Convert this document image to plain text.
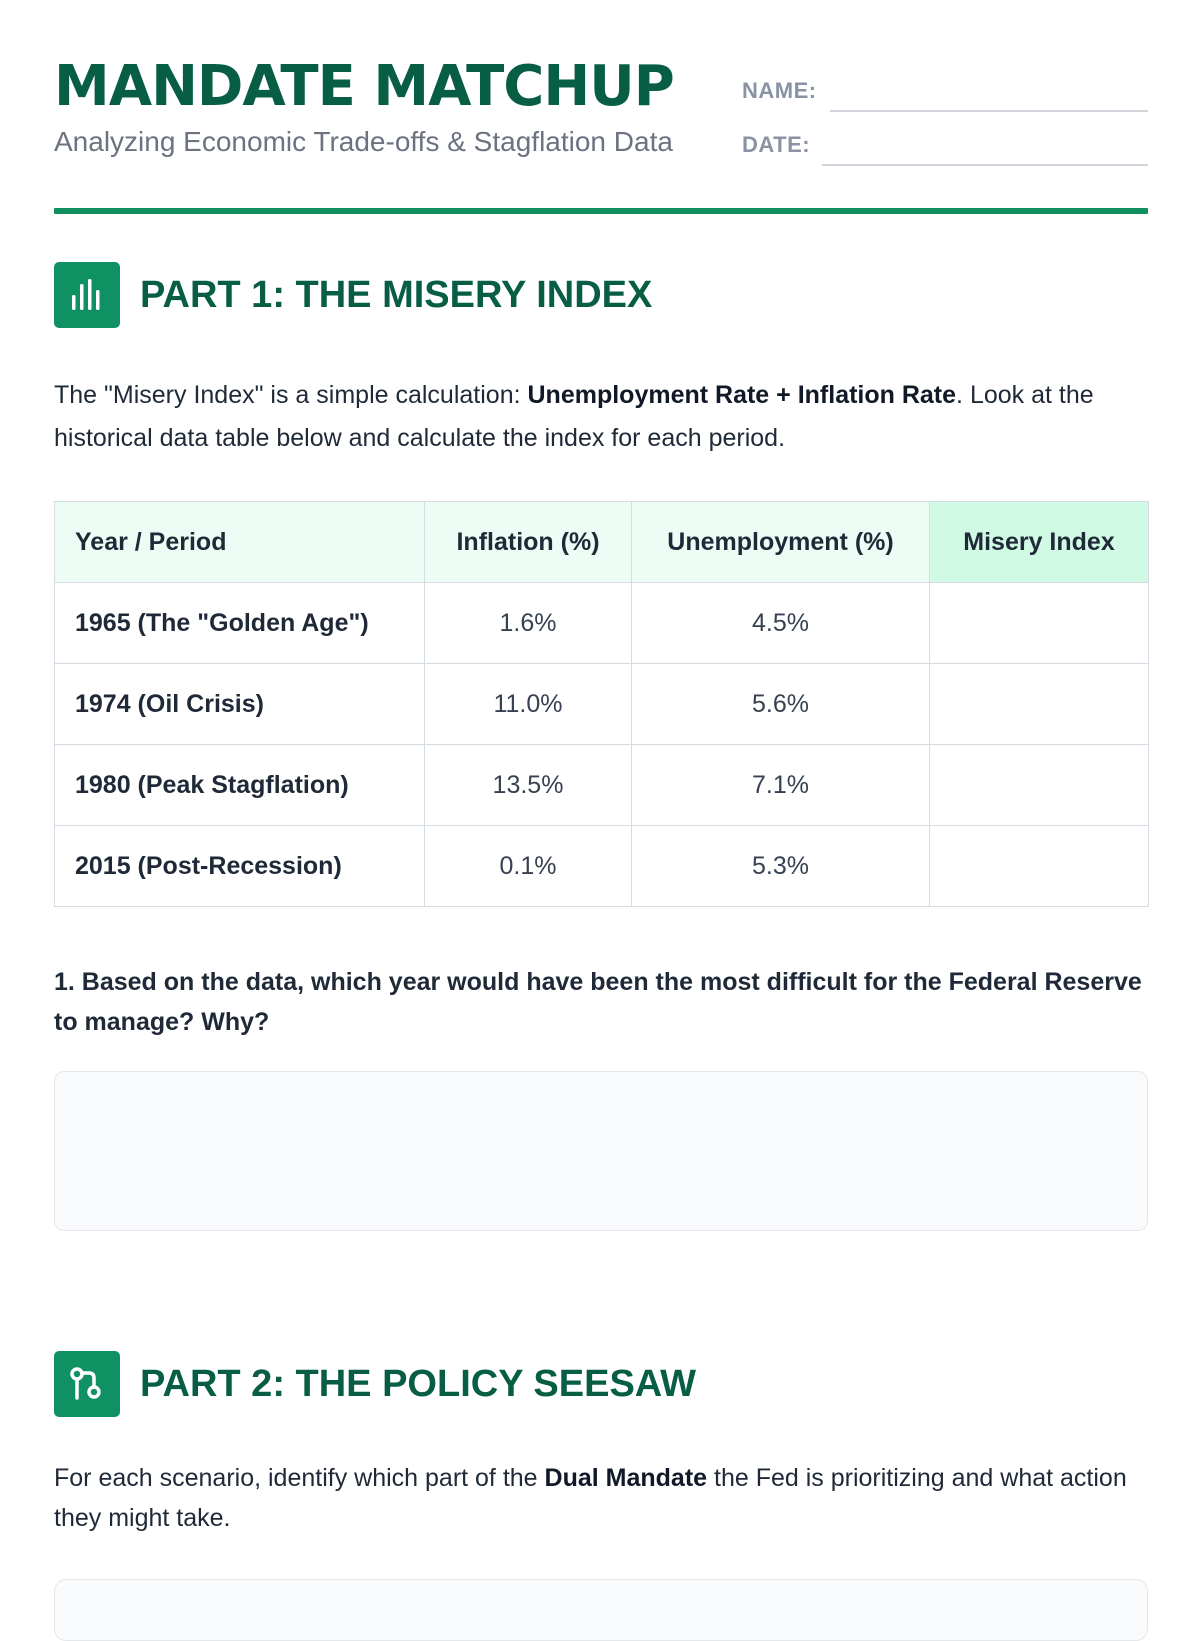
MANDATE MATCHUP

Analyzing Economic Trade-offs & Stagflation Data

NAME:
DATE:
PART 1: THE MISERY INDEX

The "Misery Index" is a simple calculation: Unemployment Rate + Inflation Rate. Look at the historical data table below and calculate the index for each period.

Year / Period	Inflation (%)	Unemployment (%)	Misery Index
1965 (The "Golden Age")	1.6%	4.5%	
1974 (Oil Crisis)	11.0%	5.6%	
1980 (Peak Stagflation)	13.5%	7.1%	
2015 (Post-Recession)	0.1%	5.3%	

1. Based on the data, which year would have been the most difficult for the Federal Reserve to manage? Why?

PART 2: THE POLICY SEESAW

For each scenario, identify which part of the Dual Mandate the Fed is prioritizing and what action they might take.
